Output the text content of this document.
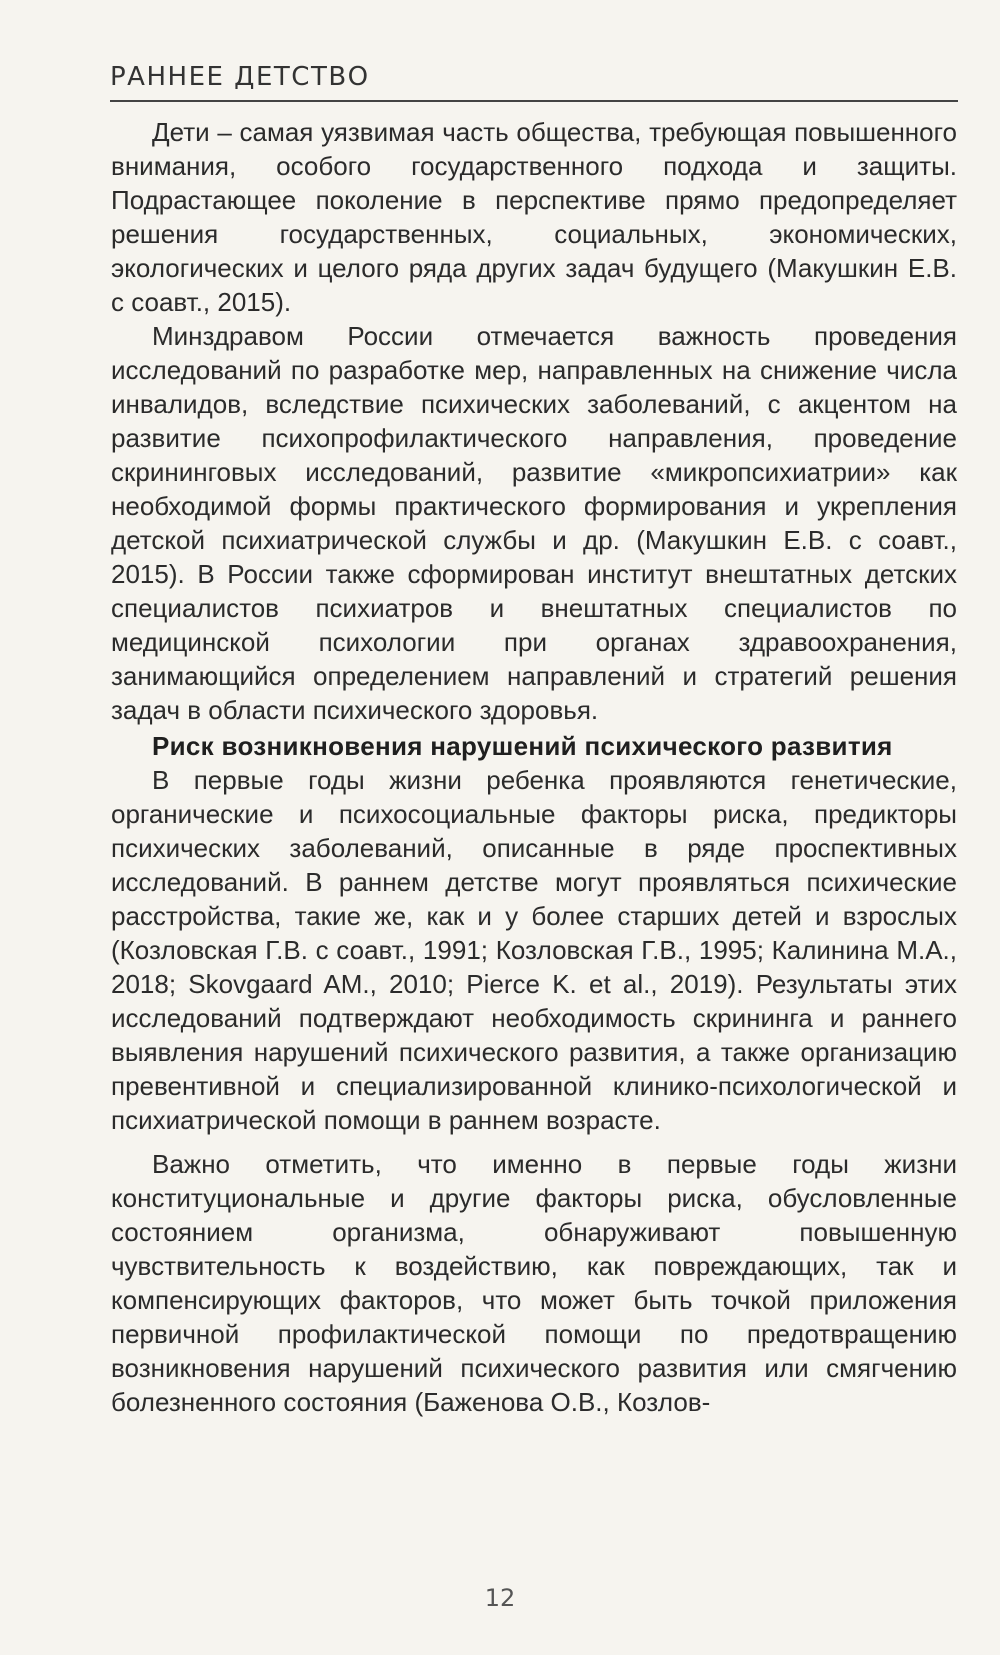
РАННЕЕ ДЕТСТВО

Дети – самая уязвимая часть общества, требующая повышенного внимания, особого государственного подхода и защиты. Подрастающее поколение в перспективе прямо предопределяет решения государственных, социальных, экономических, экологических и целого ряда других задач будущего (Макушкин Е.В. с соавт., 2015).

Минздравом России отмечается важность проведения исследований по разработке мер, направленных на снижение числа инвалидов, вследствие психических заболеваний, с акцентом на развитие психопрофилактического направления, проведение скрининговых исследований, развитие «микропсихиатрии» как необходимой формы практического формирования и укрепления детской психиатрической службы и др. (Макушкин Е.В. с соавт., 2015). В России также сформирован институт внештатных детских специалистов психиатров и внештатных специалистов по медицинской психологии при органах здравоохранения, занимающийся определением направлений и стратегий решения задач в области психического здоровья.

Риск возникновения нарушений психического развития

В первые годы жизни ребенка проявляются генетические, органические и психосоциальные факторы риска, предикторы психических заболеваний, описанные в ряде проспективных исследований. В раннем детстве могут проявляться психические расстройства, такие же, как и у более старших детей и взрослых (Козловская Г.В. с соавт., 1991; Козловская Г.В., 1995; Калинина М.А., 2018; Skovgaard AM., 2010; Pierce K. et al., 2019). Результаты этих исследований подтверждают необходимость скрининга и раннего выявления нарушений психического развития, а также организацию превентивной и специализированной клинико-психологической и психиатрической помощи в раннем возрасте.

Важно отметить, что именно в первые годы жизни конституциональные и другие факторы риска, обусловленные состоянием организма, обнаруживают повышенную чувствительность к воздействию, как повреждающих, так и компенсирующих факторов, что может быть точкой приложения первичной профилактической помощи по предотвращению возникновения нарушений психического развития или смягчению болезненного состояния (Баженова О.В., Козлов-

12
